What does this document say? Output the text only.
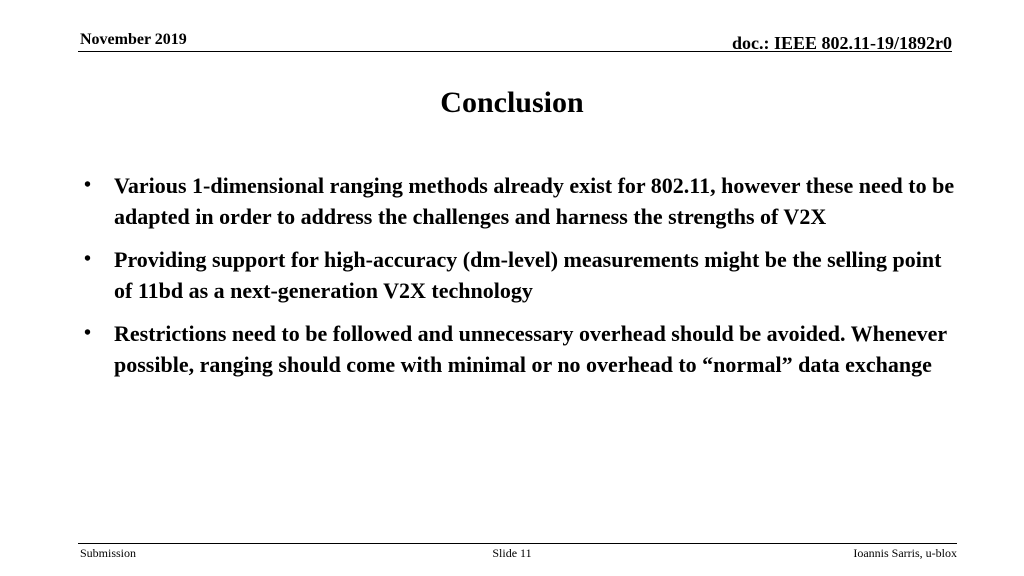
November 2019	doc.: IEEE 802.11-19/1892r0
Conclusion
• Various 1-dimensional ranging methods already exist for 802.11, however these need to be adapted in order to address the challenges and harness the strengths of V2X
• Providing support for high-accuracy (dm-level) measurements might be the selling point of 11bd as a next-generation V2X technology
• Restrictions need to be followed and unnecessary overhead should be avoided. Whenever possible, ranging should come with minimal or no overhead to “normal” data exchange
Submission	Slide 11	Ioannis Sarris, u-blox
